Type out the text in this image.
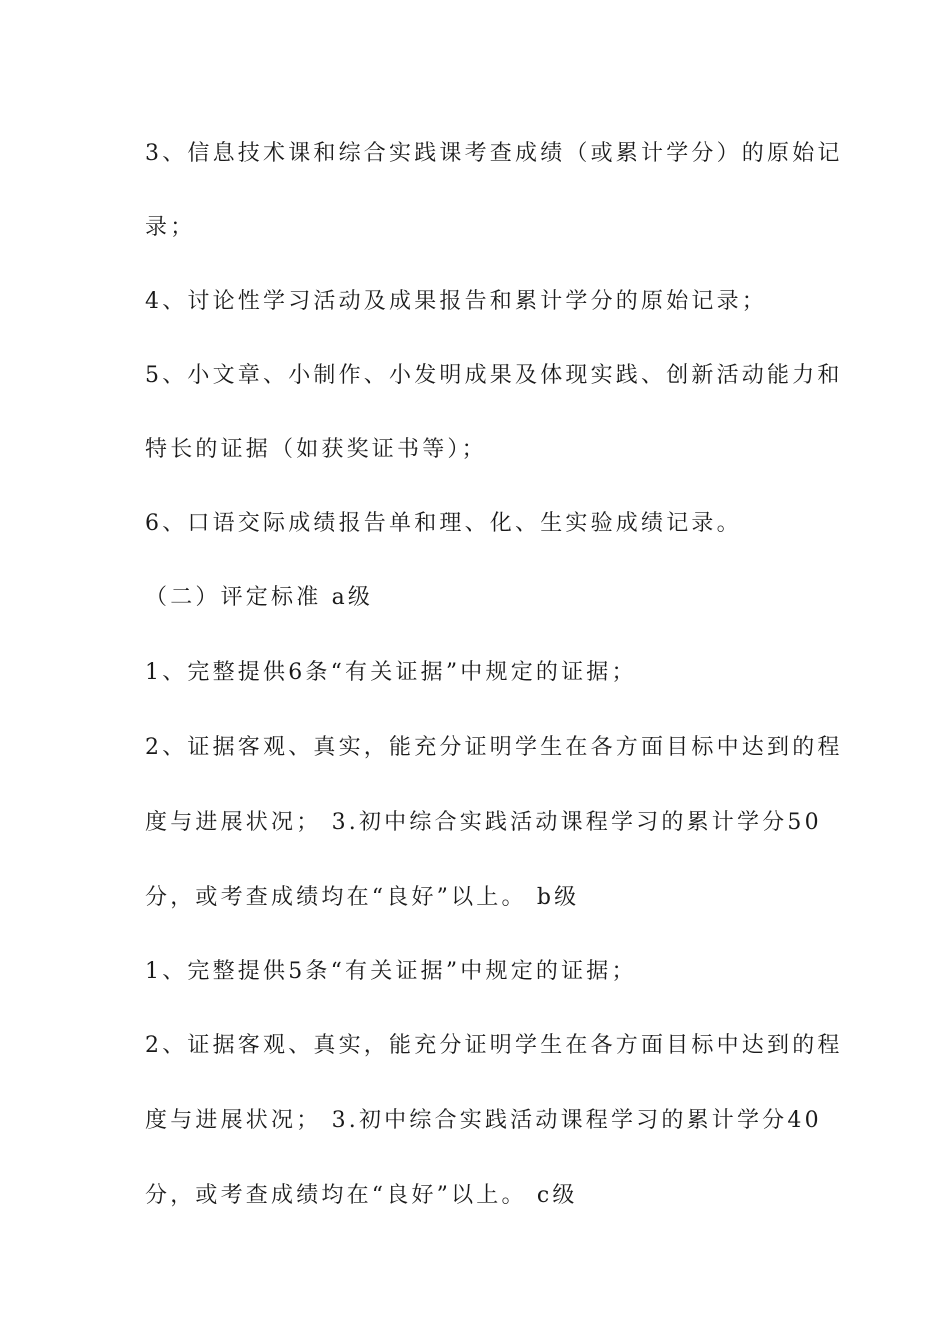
3、信息技术课和综合实践课考查成绩（或累计学分）的原始记
录；
4、讨论性学习活动及成果报告和累计学分的原始记录；
5、小文章、小制作、小发明成果及体现实践、创新活动能力和
特长的证据（如获奖证书等）；
6、口语交际成绩报告单和理、化、生实验成绩记录。
（二）评定标准 a级
1、完整提供6条“有关证据”中规定的证据；
2、证据客观、真实，能充分证明学生在各方面目标中达到的程
度与进展状况； 3.初中综合实践活动课程学习的累计学分50
分，或考查成绩均在“良好”以上。 b级
1、完整提供5条“有关证据”中规定的证据；
2、证据客观、真实，能充分证明学生在各方面目标中达到的程
度与进展状况； 3.初中综合实践活动课程学习的累计学分40
分，或考查成绩均在“良好”以上。 c级
